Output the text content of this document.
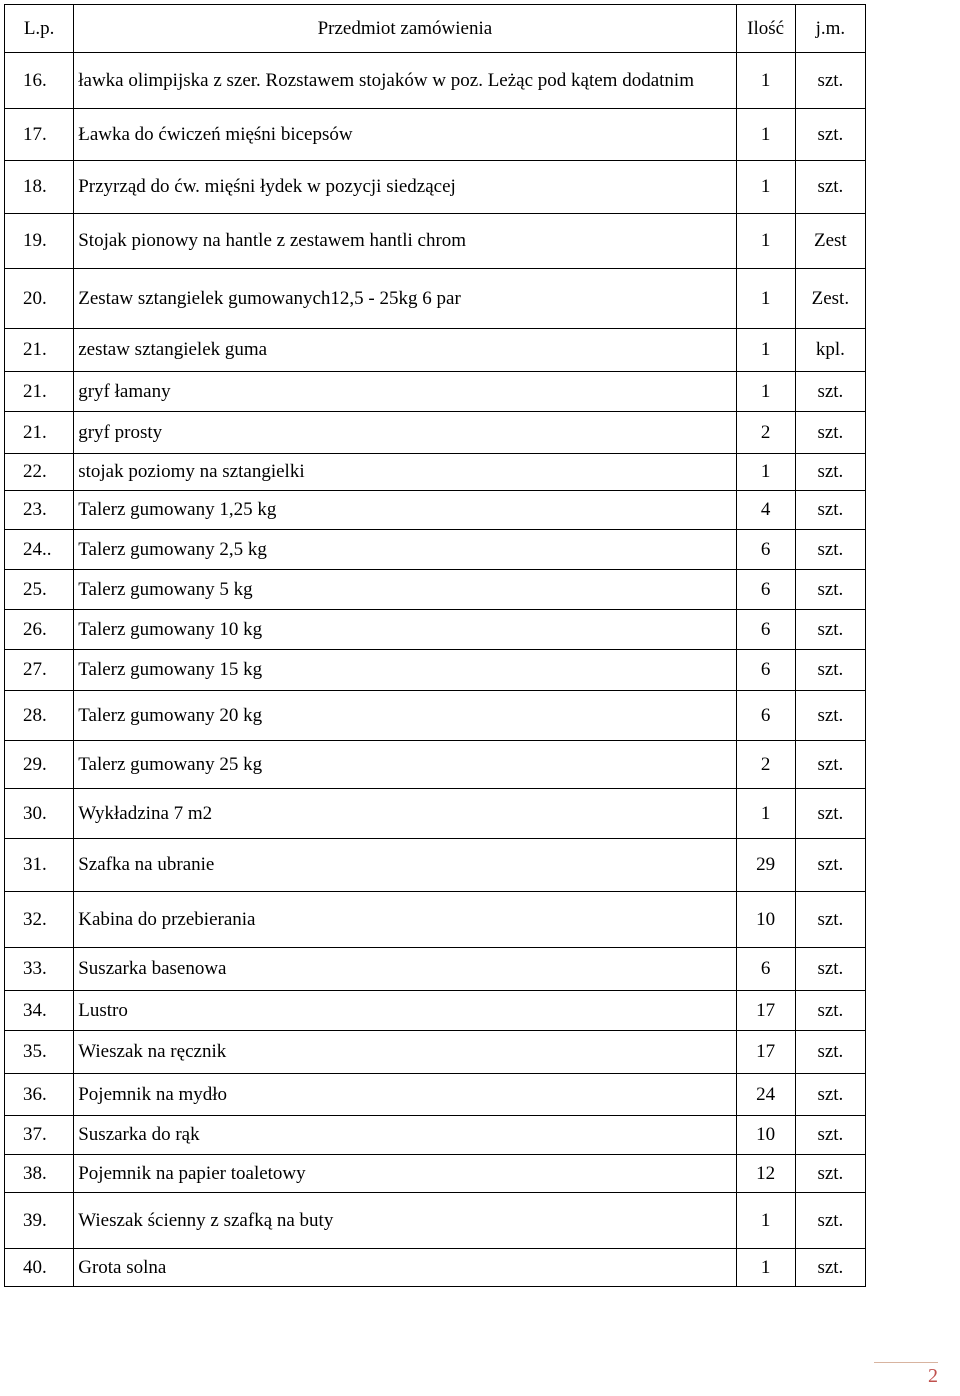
L.p.	Przedmiot zamówienia	Ilość	j.m.
16.	ławka olimpijska z szer. Rozstawem stojaków w poz. Leżąc pod kątem dodatnim	1	szt.
17.	Ławka do ćwiczeń mięśni bicepsów	1	szt.
18.	Przyrząd do ćw. mięśni łydek w pozycji siedzącej	1	szt.
19.	Stojak pionowy na hantle z zestawem hantli chrom	1	Zest
20.	Zestaw sztangielek gumowanych12,5 - 25kg 6 par	1	Zest.
21.	zestaw sztangielek guma	1	kpl.
21.	gryf łamany	1	szt.
21.	gryf prosty	2	szt.
22.	stojak poziomy na sztangielki	1	szt.
23.	Talerz gumowany 1,25 kg	4	szt.
24..	Talerz gumowany 2,5 kg	6	szt.
25.	Talerz gumowany 5 kg	6	szt.
26.	Talerz gumowany 10 kg	6	szt.
27.	Talerz gumowany 15 kg	6	szt.
28.	Talerz gumowany 20 kg	6	szt.
29.	Talerz gumowany 25 kg	2	szt.
30.	Wykładzina 7 m2	1	szt.
31.	Szafka na ubranie	29	szt.
32.	Kabina do przebierania	10	szt.
33.	Suszarka basenowa	6	szt.
34.	Lustro	17	szt.
35.	Wieszak na ręcznik	17	szt.
36.	Pojemnik na mydło	24	szt.
37.	Suszarka do rąk	10	szt.
38.	Pojemnik na papier toaletowy	12	szt.
39.	Wieszak ścienny z szafką na buty	1	szt.
40.	Grota solna	1	szt.
2
